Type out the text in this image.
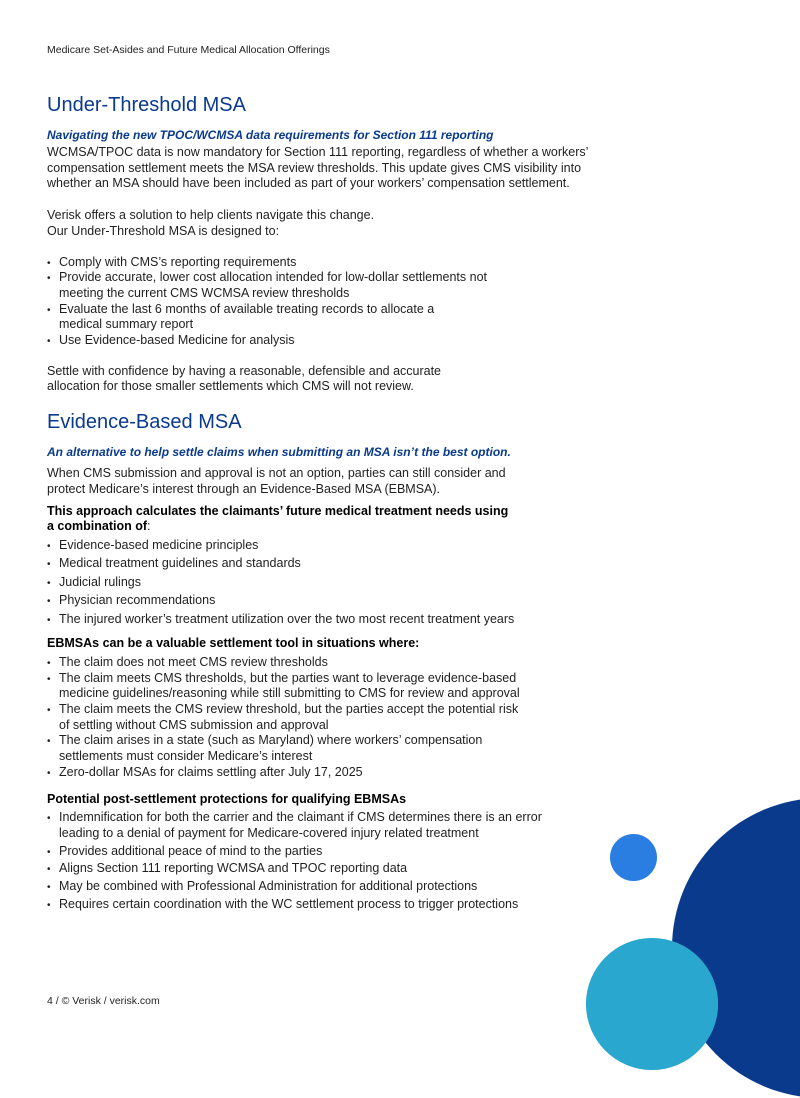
Medicare Set-Asides and Future Medical Allocation Offerings
Under-Threshold MSA
Navigating the new TPOC/WCMSA data requirements for Section 111 reporting

WCMSA/TPOC data is now mandatory for Section 111 reporting, regardless of whether a workers’ compensation settlement meets the MSA review thresholds. This update gives CMS visibility into whether an MSA should have been included as part of your workers’ compensation settlement.

Verisk offers a solution to help clients navigate this change.
Our Under-Threshold MSA is designed to:

• Comply with CMS’s reporting requirements
• Provide accurate, lower cost allocation intended for low-dollar settlements not meeting the current CMS WCMSA review thresholds
• Evaluate the last 6 months of available treating records to allocate a medical summary report
• Use Evidence-based Medicine for analysis

Settle with confidence by having a reasonable, defensible and accurate allocation for those smaller settlements which CMS will not review.

Evidence-Based MSA
An alternative to help settle claims when submitting an MSA isn’t the best option.

When CMS submission and approval is not an option, parties can still consider and protect Medicare’s interest through an Evidence-Based MSA (EBMSA).

This approach calculates the claimants’ future medical treatment needs using a combination of:

• Evidence-based medicine principles
• Medical treatment guidelines and standards
• Judicial rulings
• Physician recommendations
• The injured worker’s treatment utilization over the two most recent treatment years

EBMSAs can be a valuable settlement tool in situations where:

• The claim does not meet CMS review thresholds
• The claim meets CMS thresholds, but the parties want to leverage evidence-based medicine guidelines/reasoning while still submitting to CMS for review and approval
• The claim meets the CMS review threshold, but the parties accept the potential risk of settling without CMS submission and approval
• The claim arises in a state (such as Maryland) where workers’ compensation settlements must consider Medicare’s interest
• Zero-dollar MSAs for claims settling after July 17, 2025

Potential post-settlement protections for qualifying EBMSAs

• Indemnification for both the carrier and the claimant if CMS determines there is an error leading to a denial of payment for Medicare-covered injury related treatment
• Provides additional peace of mind to the parties
• Aligns Section 111 reporting WCMSA and TPOC reporting data
• May be combined with Professional Administration for additional protections
• Requires certain coordination with the WC settlement process to trigger protections
4 / © Verisk / verisk.com
